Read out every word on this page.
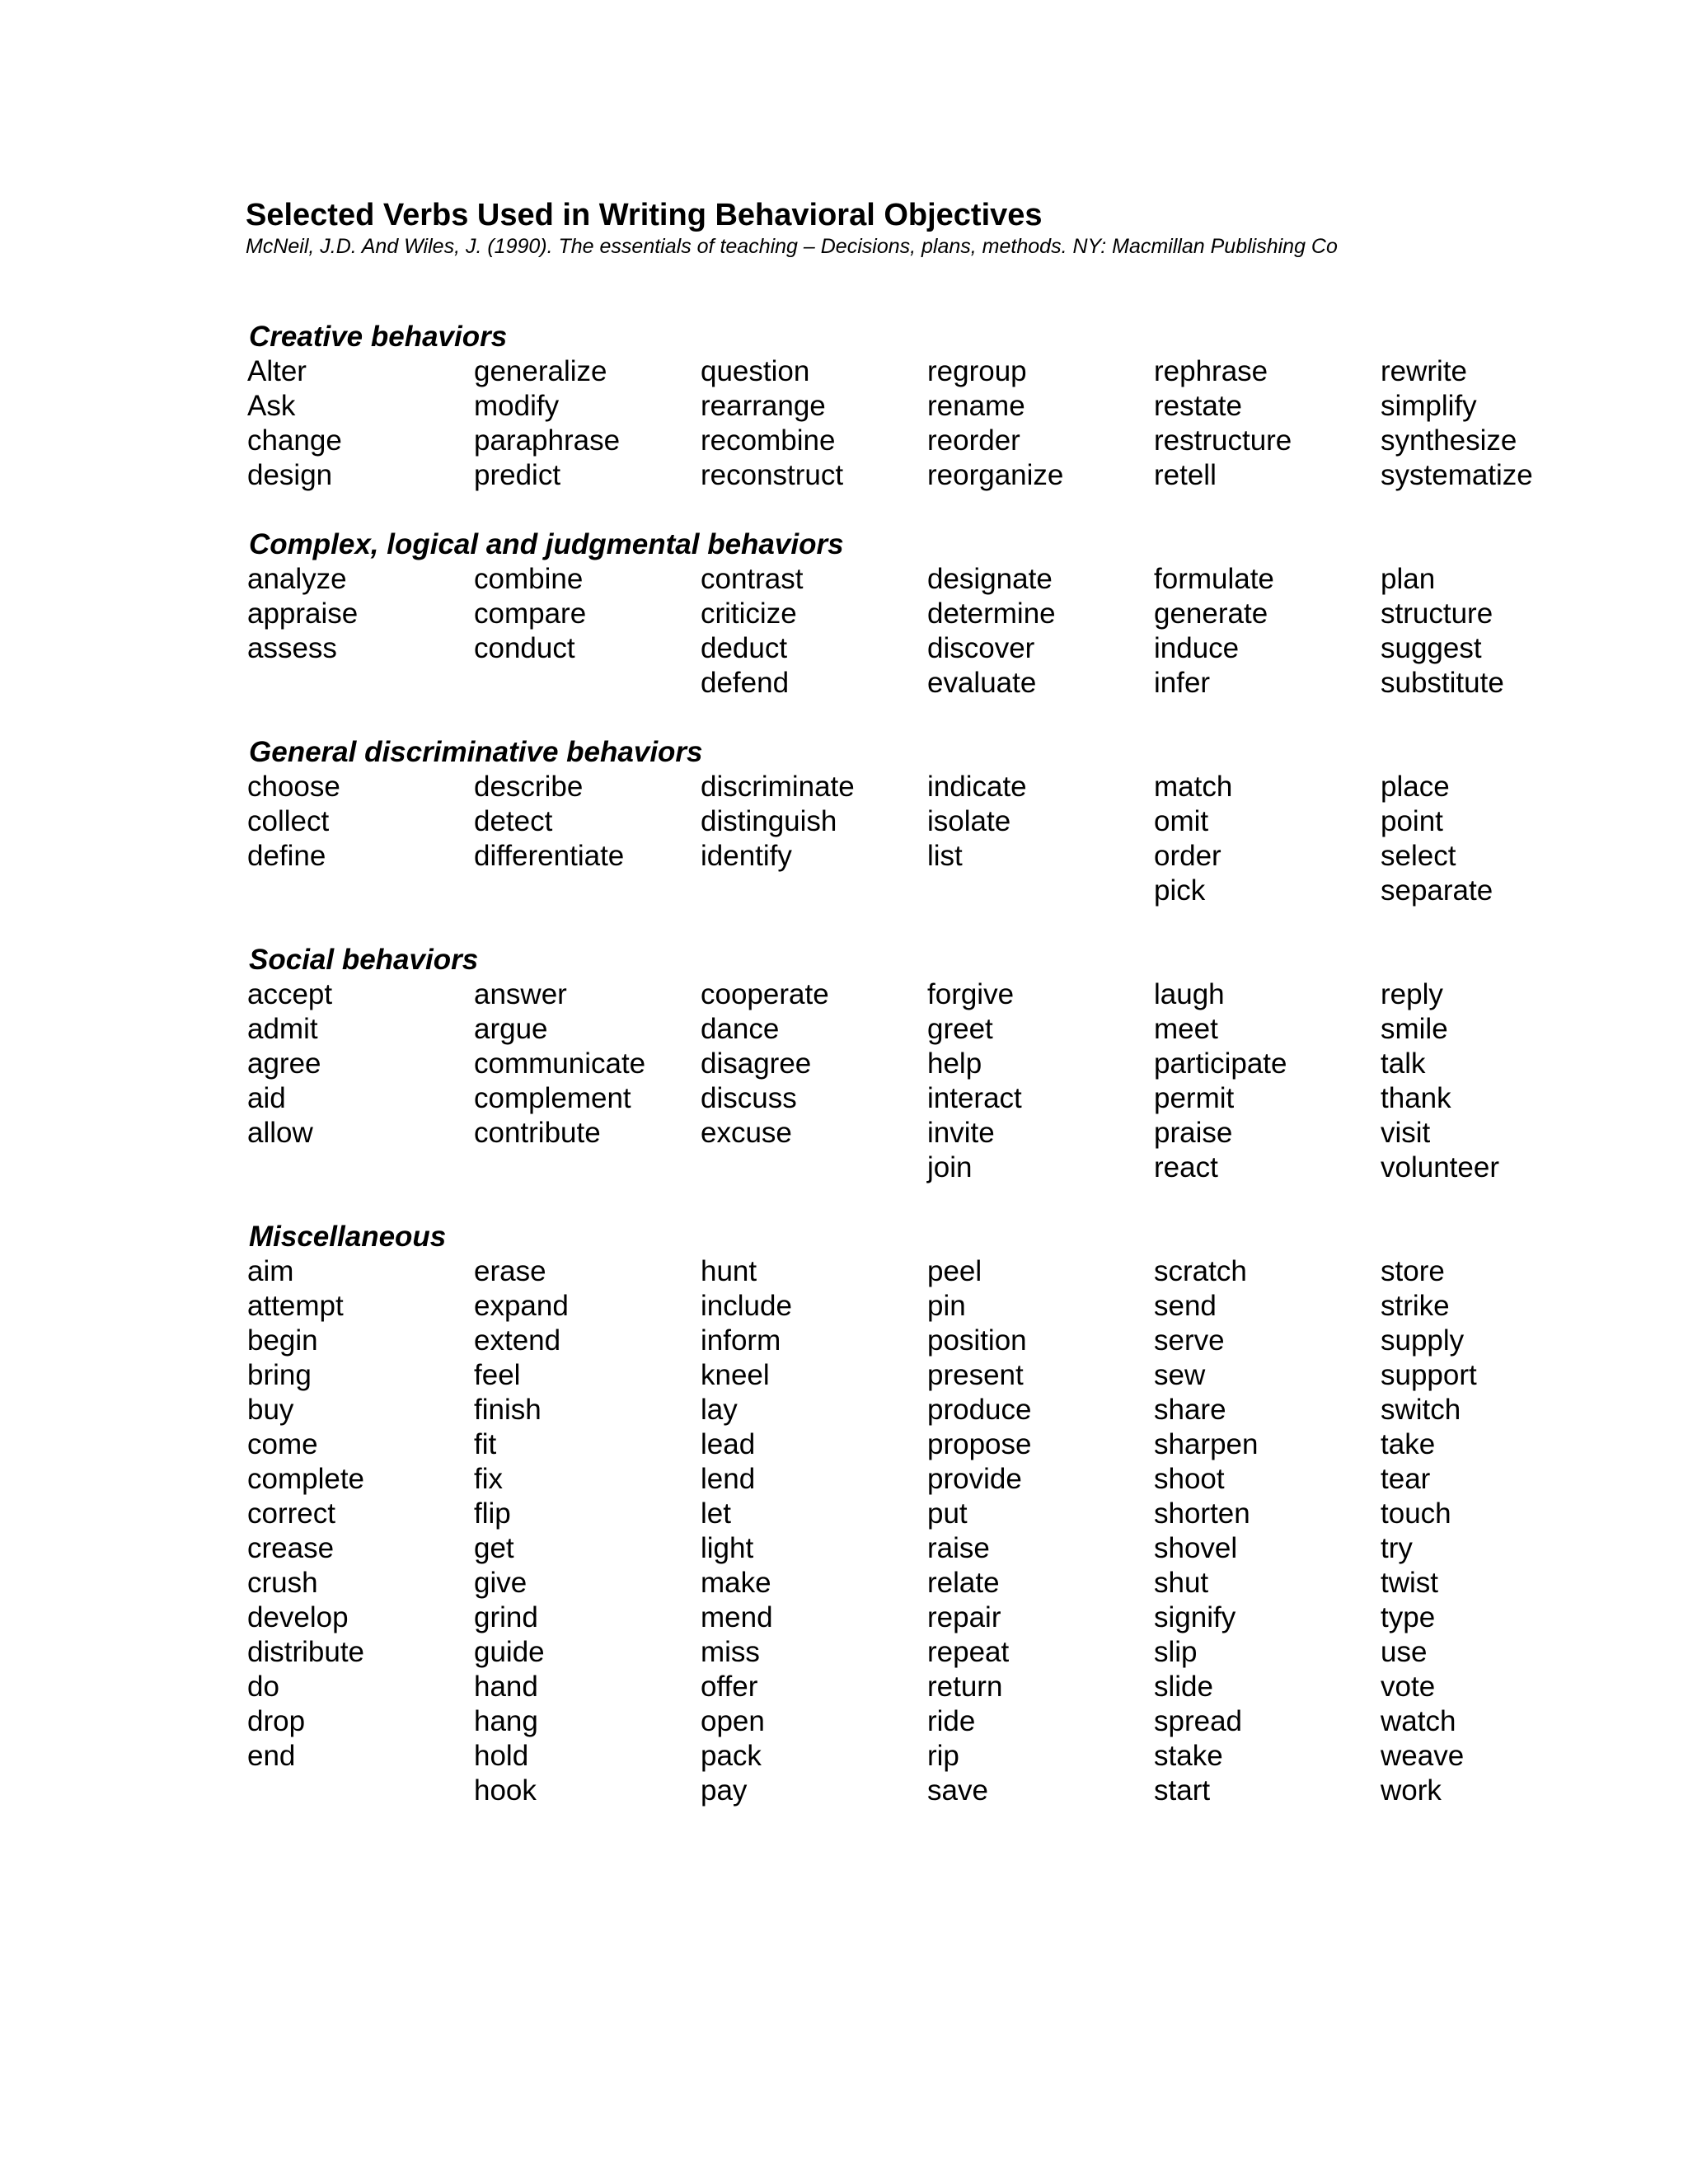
Selected Verbs Used in Writing Behavioral Objectives

McNeil, J.D. And Wiles, J. (1990). The essentials of teaching – Decisions, plans, methods. NY: Macmillan Publishing Co

Creative behaviors
Alter
Ask
change
design
generalize
modify
paraphrase
predict
question
rearrange
recombine
reconstruct
regroup
rename
reorder
reorganize
rephrase
restate
restructure
retell
rewrite
simplify
synthesize
systematize
Complex, logical and judgmental behaviors
analyze
appraise
assess
combine
compare
conduct
contrast
criticize
deduct
defend
designate
determine
discover
evaluate
formulate
generate
induce
infer
plan
structure
suggest
substitute
General discriminative behaviors
choose
collect
define
describe
detect
differentiate
discriminate
distinguish
identify
indicate
isolate
list
match
omit
order
pick
place
point
select
separate
Social behaviors
accept
admit
agree
aid
allow
answer
argue
communicate
complement
contribute
cooperate
dance
disagree
discuss
excuse
forgive
greet
help
interact
invite
join
laugh
meet
participate
permit
praise
react
reply
smile
talk
thank
visit
volunteer
Miscellaneous
aim
attempt
begin
bring
buy
come
complete
correct
crease
crush
develop
distribute
do
drop
end
erase
expand
extend
feel
finish
fit
fix
flip
get
give
grind
guide
hand
hang
hold
hook
hunt
include
inform
kneel
lay
lead
lend
let
light
make
mend
miss
offer
open
pack
pay
peel
pin
position
present
produce
propose
provide
put
raise
relate
repair
repeat
return
ride
rip
save
scratch
send
serve
sew
share
sharpen
shoot
shorten
shovel
shut
signify
slip
slide
spread
stake
start
store
strike
supply
support
switch
take
tear
touch
try
twist
type
use
vote
watch
weave
work
